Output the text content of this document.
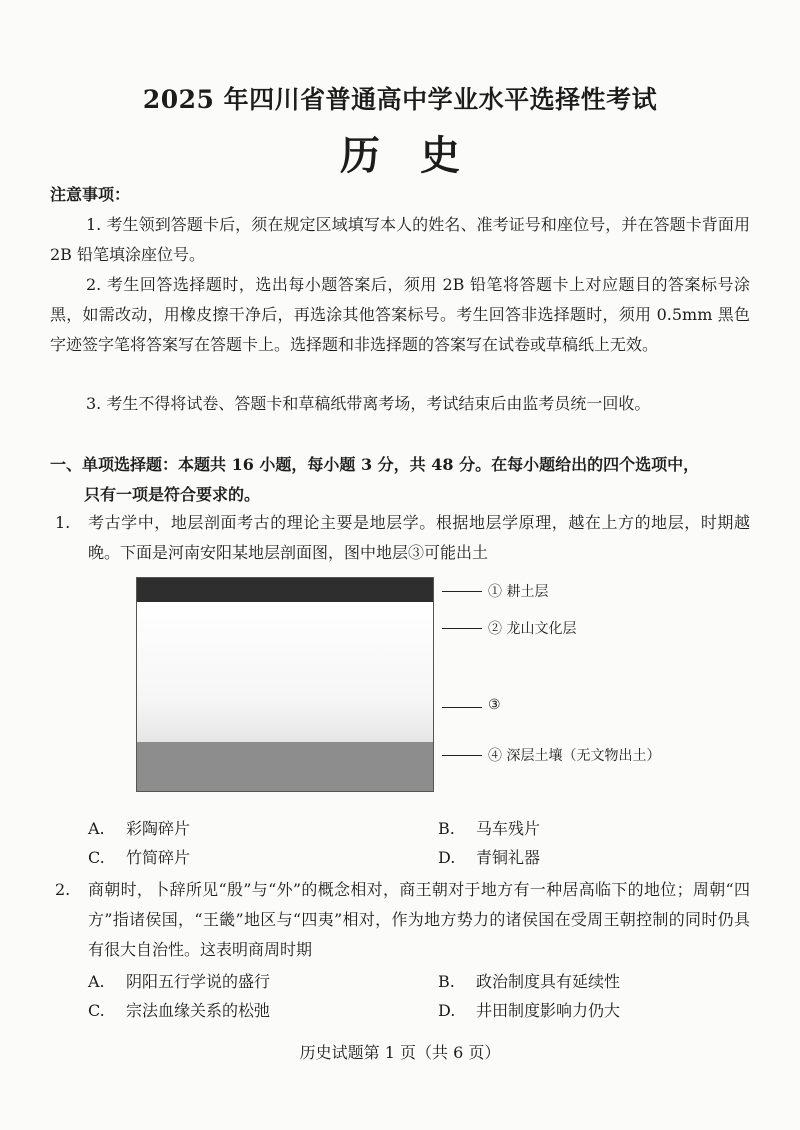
2025 年四川省普通高中学业水平选择性考试
历史
注意事项：
1. 考生领到答题卡后，须在规定区域填写本人的姓名、准考证号和座位号，并在答题卡背面用 2B 铅笔填涂座位号。
2. 考生回答选择题时，选出每小题答案后，须用 2B 铅笔将答题卡上对应题目的答案标号涂黑，如需改动，用橡皮擦干净后，再选涂其他答案标号。考生回答非选择题时，须用 0.5mm 黑色字迹签字笔将答案写在答题卡上。选择题和非选择题的答案写在试卷或草稿纸上无效。
3. 考生不得将试卷、答题卡和草稿纸带离考场，考试结束后由监考员统一回收。
一、单项选择题：本题共 16 小题，每小题 3 分，共 48 分。在每小题给出的四个选项中，
只有一项是符合要求的。
1. 考古学中，地层剖面考古的理论主要是地层学。根据地层学原理，越在上方的地层，时期越晚。下面是河南安阳某地层剖面图，图中地层③可能出土
① 耕土层
② 龙山文化层
③
④ 深层土壤（无文物出土）
A. 彩陶碎片	B. 马车残片
C. 竹简碎片	D. 青铜礼器
2. 商朝时，卜辞所见“殷”与“外”的概念相对，商王朝对于地方有一种居高临下的地位；周朝“四方”指诸侯国，“王畿”地区与“四夷”相对，作为地方势力的诸侯国在受周王朝控制的同时仍具有很大自治性。这表明商周时期
A. 阴阳五行学说的盛行	B. 政治制度具有延续性
C. 宗法血缘关系的松弛	D. 井田制度影响力仍大
历史试题第 1 页（共 6 页）
